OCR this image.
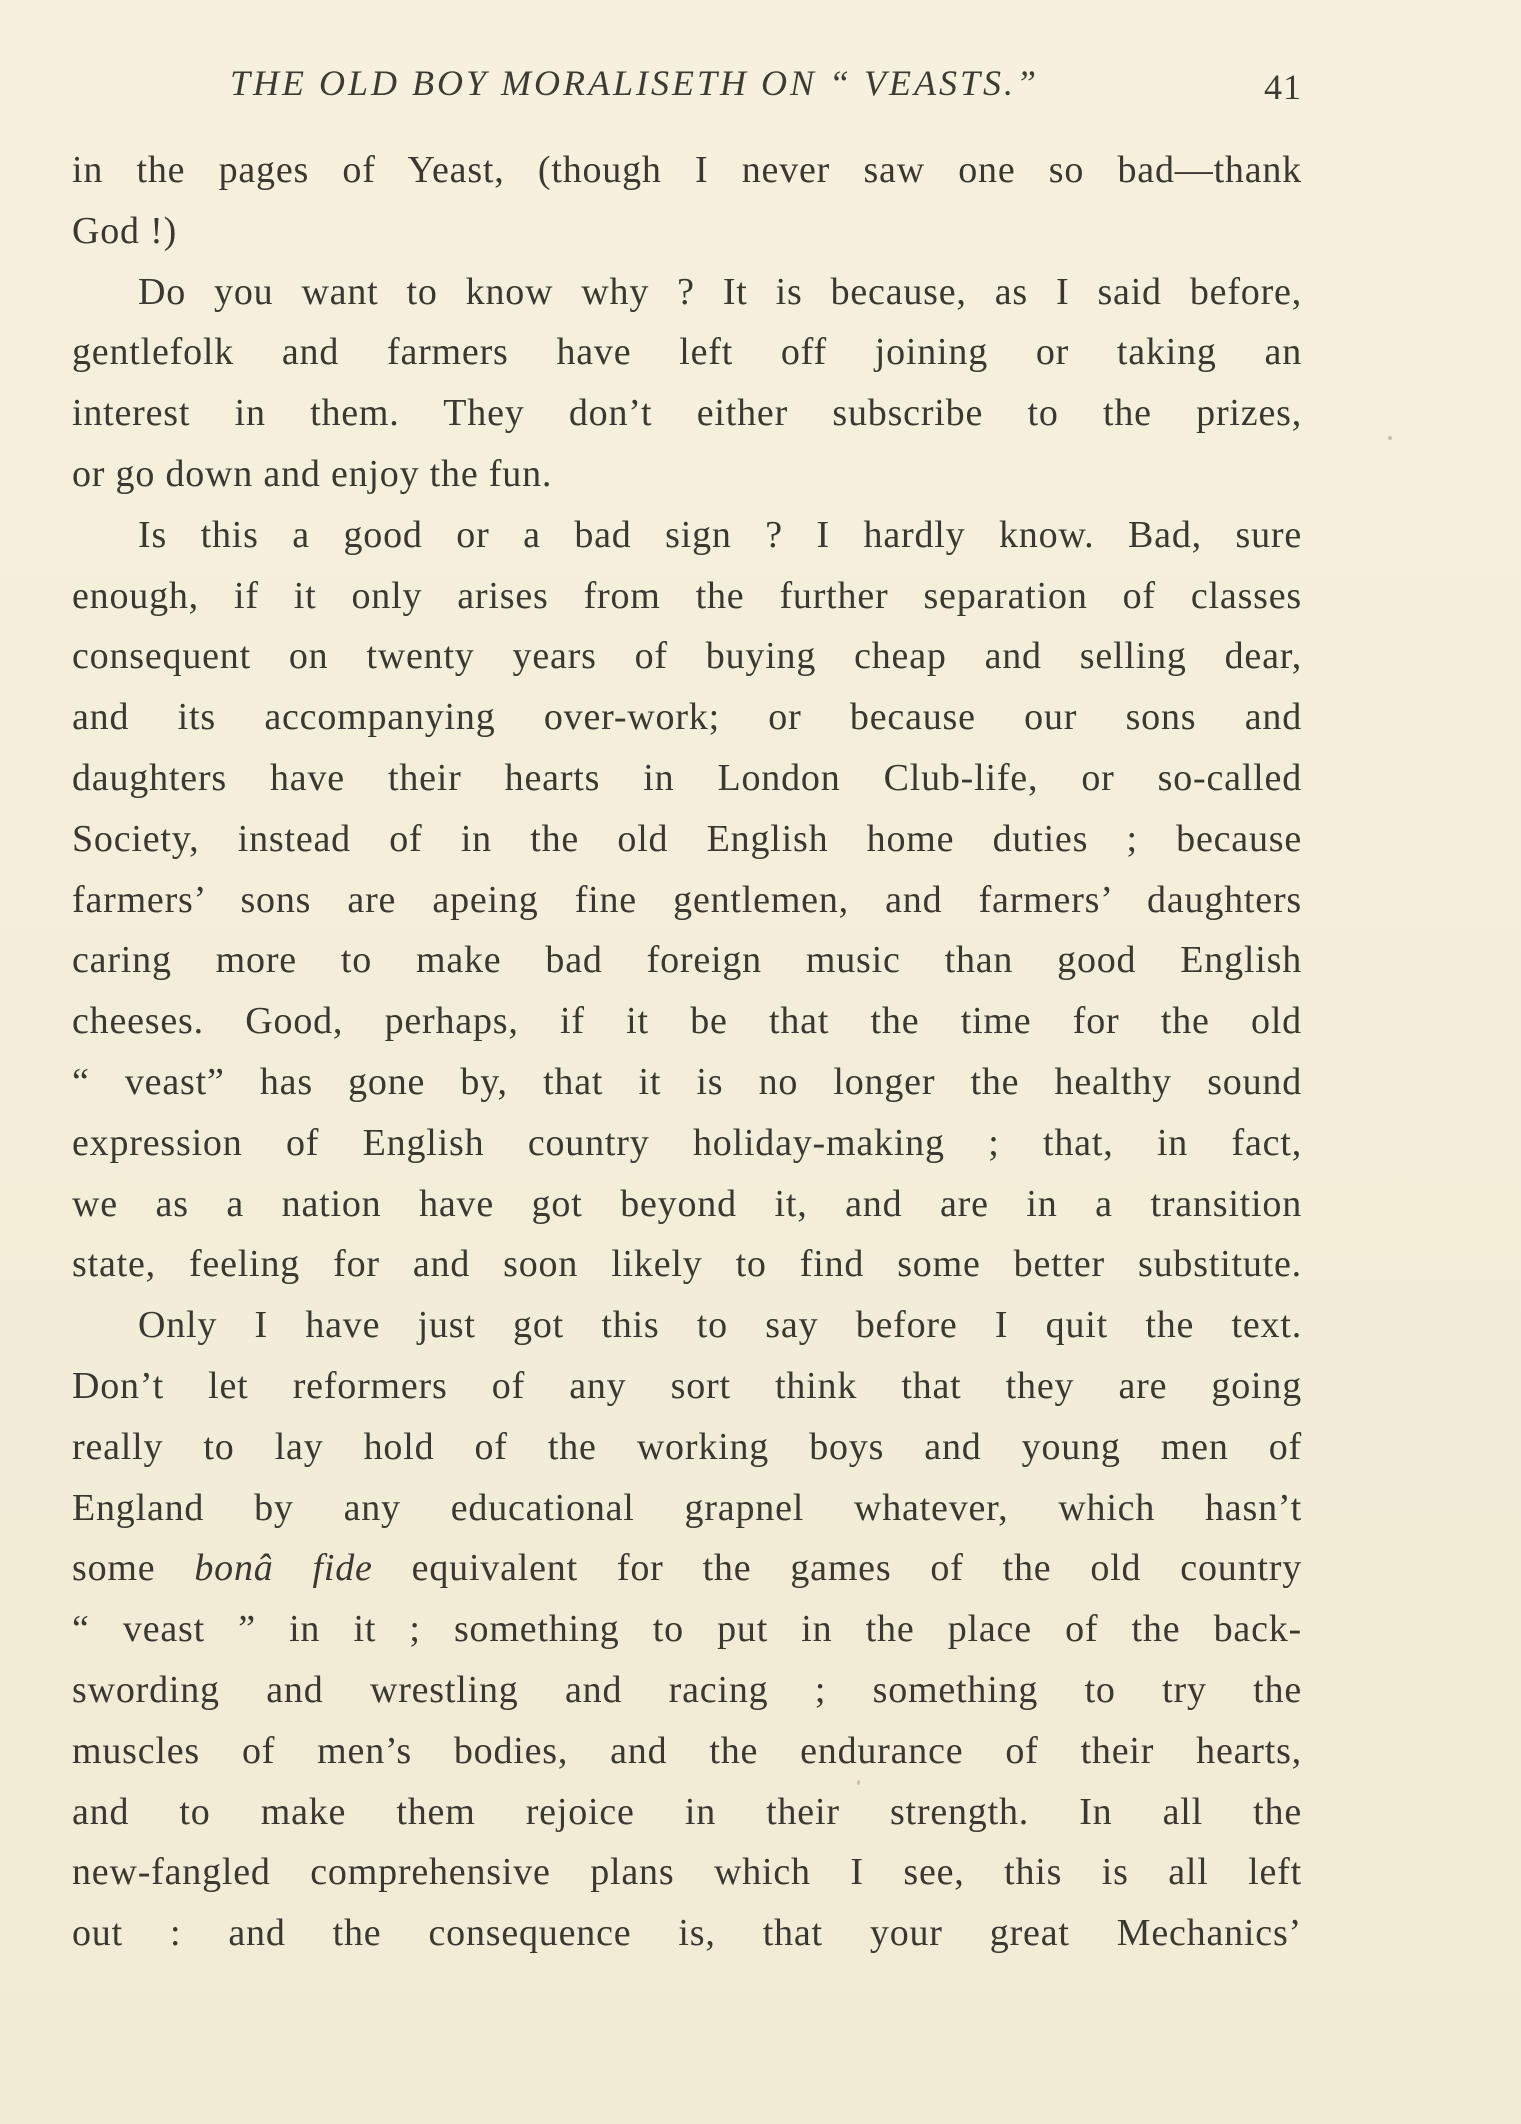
THE OLD BOY MORALISETH ON “ VEASTS.”	41
in the pages of Yeast, (though I never saw one so bad—thank
God !)
Do you want to know why ? It is because, as I said before,
gentlefolk and farmers have left off joining or taking an
interest in them. They don’t either subscribe to the prizes,
or go down and enjoy the fun.
Is this a good or a bad sign ? I hardly know. Bad, sure
enough, if it only arises from the further separation of classes
consequent on twenty years of buying cheap and selling dear,
and its accompanying over-work; or because our sons and
daughters have their hearts in London Club-life, or so-called
Society, instead of in the old English home duties ; because
farmers’ sons are apeing fine gentlemen, and farmers’ daughters
caring more to make bad foreign music than good English
cheeses. Good, perhaps, if it be that the time for the old
“ veast” has gone by, that it is no longer the healthy sound
expression of English country holiday-making ; that, in fact,
we as a nation have got beyond it, and are in a transition
state, feeling for and soon likely to find some better substitute.
Only I have just got this to say before I quit the text.
Don’t let reformers of any sort think that they are going
really to lay hold of the working boys and young men of
England by any educational grapnel whatever, which hasn’t
some bonâ fide equivalent for the games of the old country
“ veast ” in it ; something to put in the place of the back-
swording and wrestling and racing ; something to try the
muscles of men’s bodies, and the endurance of their hearts,
and to make them rejoice in their strength. In all the
new-fangled comprehensive plans which I see, this is all left
out : and the consequence is, that your great Mechanics’
